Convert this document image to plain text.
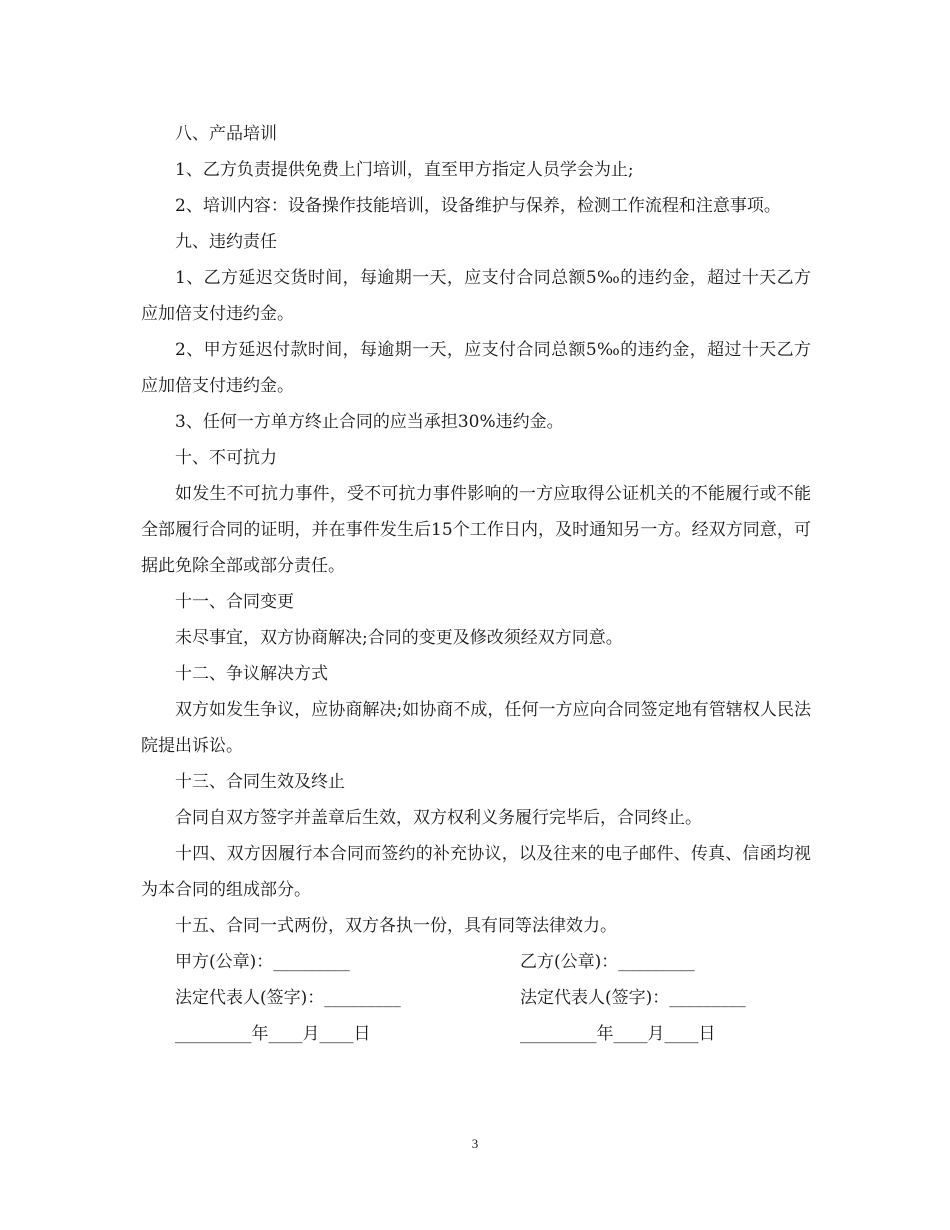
八、产品培训

1、乙方负责提供免费上门培训，直至甲方指定人员学会为止;

2、培训内容：设备操作技能培训，设备维护与保养，检测工作流程和注意事项。

九、违约责任

1、乙方延迟交货时间，每逾期一天，应支付合同总额5‰的违约金，超过十天乙方应加倍支付违约金。

2、甲方延迟付款时间，每逾期一天，应支付合同总额5‰的违约金，超过十天乙方应加倍支付违约金。

3、任何一方单方终止合同的应当承担30%违约金。

十、不可抗力

如发生不可抗力事件，受不可抗力事件影响的一方应取得公证机关的不能履行或不能全部履行合同的证明，并在事件发生后15个工作日内，及时通知另一方。经双方同意，可据此免除全部或部分责任。

十一、合同变更

未尽事宜，双方协商解决;合同的变更及修改须经双方同意。

十二、争议解决方式

双方如发生争议，应协商解决;如协商不成，任何一方应向合同签定地有管辖权人民法院提出诉讼。

十三、合同生效及终止

合同自双方签字并盖章后生效，双方权利义务履行完毕后，合同终止。

十四、双方因履行本合同而签约的补充协议，以及往来的电子邮件、传真、信函均视为本合同的组成部分。

十五、合同一式两份，双方各执一份，具有同等法律效力。

甲方(公章)：_________	乙方(公章)：_________
法定代表人(签字)：_________	法定代表人(签字)：_________
_________年____月____日	_________年____月____日
3
